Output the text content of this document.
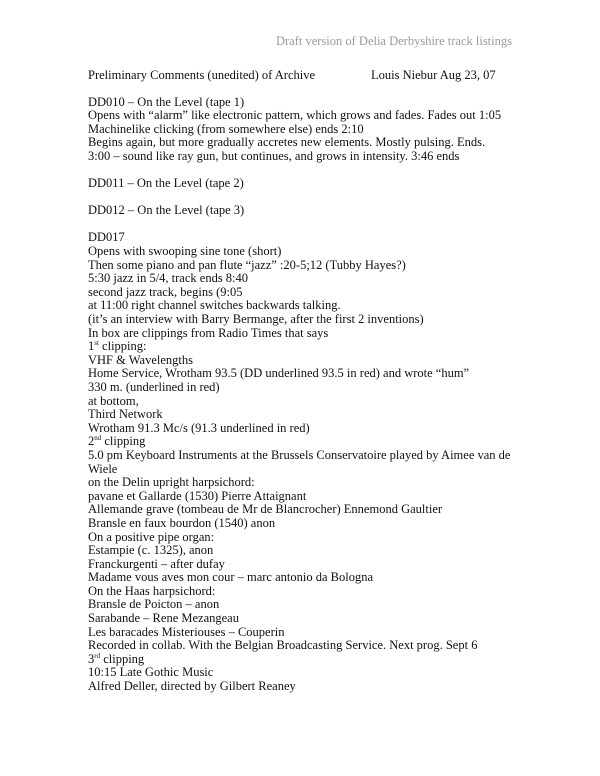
Draft version of Delia Derbyshire track listings
Preliminary Comments (unedited) of Archive	Louis Niebur Aug 23, 07
DD010 – On the Level (tape 1)
Opens with “alarm” like electronic pattern, which grows and fades. Fades out 1:05
Machinelike clicking (from somewhere else) ends 2:10
Begins again, but more gradually accretes new elements. Mostly pulsing. Ends.
3:00 – sound like ray gun, but continues, and grows in intensity. 3:46 ends
DD011 – On the Level (tape 2)
DD012 – On the Level (tape 3)
DD017
Opens with swooping sine tone (short)
Then some piano and pan flute “jazz” :20-5;12 (Tubby Hayes?)
5:30 jazz in 5/4, track ends 8:40
second jazz track, begins (9:05
at 11:00 right channel switches backwards talking.
(it’s an interview with Barry Bermange, after the first 2 inventions)
In box are clippings from Radio Times that says
1st clipping:
VHF & Wavelengths
Home Service, Wrotham 93.5 (DD underlined 93.5 in red) and wrote “hum”
330 m. (underlined in red)
at bottom,
Third Network
Wrotham 91.3 Mc/s (91.3 underlined in red)
2nd clipping
5.0 pm Keyboard Instruments at the Brussels Conservatoire played by Aimee van de
Wiele
on the Delin upright harpsichord:
pavane et Gallarde (1530) Pierre Attaignant
Allemande grave (tombeau de Mr de Blancrocher) Ennemond Gaultier
Bransle en faux bourdon (1540) anon
On a positive pipe organ:
Estampie (c. 1325), anon
Franckurgenti – after dufay
Madame vous aves mon cour – marc antonio da Bologna
On the Haas harpsichord:
Bransle de Poicton – anon
Sarabande – Rene Mezangeau
Les baracades Misteriouses – Couperin
Recorded in collab. With the Belgian Broadcasting Service. Next prog. Sept 6
3rd clipping
10:15 Late Gothic Music
Alfred Deller, directed by Gilbert Reaney
